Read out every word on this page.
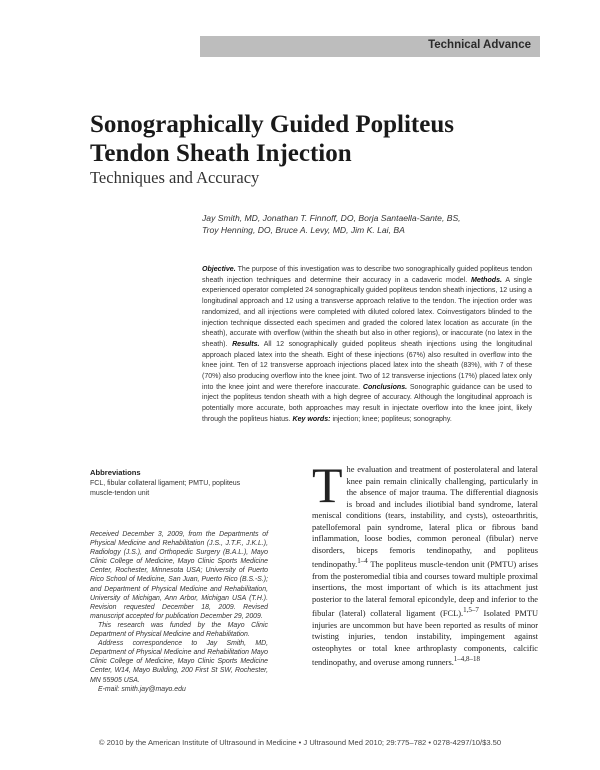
Technical Advance
Sonographically Guided Popliteus
Tendon Sheath Injection
Techniques and Accuracy
Jay Smith, MD, Jonathan T. Finnoff, DO, Borja Santaella-Sante, BS,
Troy Henning, DO, Bruce A. Levy, MD, Jim K. Lai, BA

Objective. The purpose of this investigation was to describe two sonographically guided popliteus tendon sheath injection techniques and determine their accuracy in a cadaveric model. Methods. A single experienced operator completed 24 sonographically guided popliteus tendon sheath injections, 12 using a longitudinal approach and 12 using a transverse approach relative to the tendon. The injection order was randomized, and all injections were completed with diluted colored latex. Coinvestigators blinded to the injection technique dissected each specimen and graded the colored latex location as accurate (in the sheath), accurate with overflow (within the sheath but also in other regions), or inaccurate (no latex in the sheath). Results. All 12 sonographically guided popliteus sheath injections using the longitudinal approach placed latex into the sheath. Eight of these injections (67%) also resulted in overflow into the knee joint. Ten of 12 transverse approach injections placed latex into the sheath (83%), with 7 of these (70%) also producing overflow into the knee joint. Two of 12 transverse injections (17%) placed latex only into the knee joint and were therefore inaccurate. Conclusions. Sonographic guidance can be used to inject the popliteus tendon sheath with a high degree of accuracy. Although the longitudinal approach is potentially more accurate, both approaches may result in injectate overflow into the knee joint, likely through the popliteus hiatus. Key words: injection; knee; popliteus; sonography.

Abbreviations
FCL, fibular collateral ligament; PMTU, popliteus muscle-tendon unit

Received December 3, 2009, from the Departments of Physical Medicine and Rehabilitation (J.S., J.T.F., J.K.L.), Radiology (J.S.), and Orthopedic Surgery (B.A.L.), Mayo Clinic College of Medicine, Mayo Clinic Sports Medicine Center, Rochester, Minnesota USA; University of Puerto Rico School of Medicine, San Juan, Puerto Rico (B.S.-S.); and Department of Physical Medicine and Rehabilitation, University of Michigan, Ann Arbor, Michigan USA (T.H.). Revision requested December 18, 2009. Revised manuscript accepted for publication December 29, 2009.
This research was funded by the Mayo Clinic Department of Physical Medicine and Rehabilitation.
Address correspondence to Jay Smith, MD, Department of Physical Medicine and Rehabilitation Mayo Clinic College of Medicine, Mayo Clinic Sports Medicine Center, W14, Mayo Building, 200 First St SW, Rochester, MN 55905 USA.
E-mail: smith.jay@mayo.edu

The evaluation and treatment of posterolateral and lateral knee pain remain clinically challenging, particularly in the absence of major trauma. The differential diagnosis is broad and includes iliotibial band syndrome, lateral meniscal conditions (tears, instability, and cysts), osteoarthritis, patellofemoral pain syndrome, lateral plica or fibrous band inflammation, loose bodies, common peroneal (fibular) nerve disorders, biceps femoris tendinopathy, and popliteus tendinopathy.$^{1-4}$ The popliteus muscle-tendon unit (PMTU) arises from the posteromedial tibia and courses toward multiple proximal insertions, the most important of which is its attachment just posterior to the lateral femoral epicondyle, deep and inferior to the fibular (lateral) collateral ligament (FCL).$^{1,5-7}$ Isolated PMTU injuries are uncommon but have been reported as results of minor twisting injuries, tendon instability, impingement against osteophytes or total knee arthroplasty components, calcific tendinopathy, and overuse among runners.$^{1-4,8-18}$

© 2010 by the American Institute of Ultrasound in Medicine • J Ultrasound Med 2010; 29:775–782 • 0278-4297/10/$3.50
